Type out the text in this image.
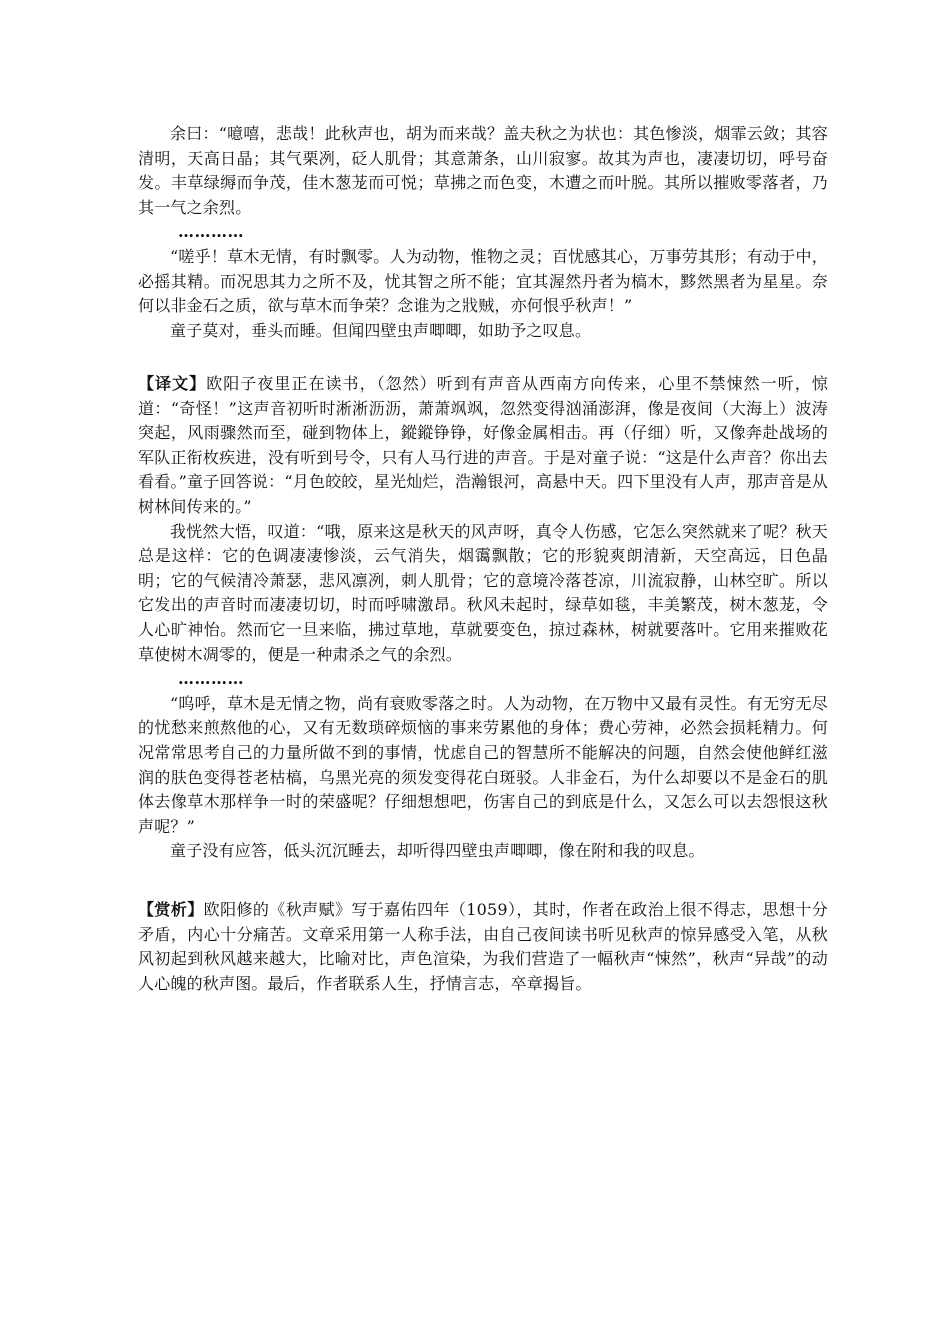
余曰：“噫嘻，悲哉！此秋声也，胡为而来哉？盖夫秋之为状也：其色惨淡，烟霏云敛；其容清明，天高日晶；其气栗冽，砭人肌骨；其意萧条，山川寂寥。故其为声也，凄凄切切，呼号奋发。丰草绿缛而争茂，佳木葱茏而可悦；草拂之而色变，木遭之而叶脱。其所以摧败零落者，乃其一气之余烈。

…………

“嗟乎！草木无情，有时飘零。人为动物，惟物之灵；百忧感其心，万事劳其形；有动于中，必摇其精。而况思其力之所不及，忧其智之所不能；宜其渥然丹者为槁木，黟然黑者为星星。奈何以非金石之质，欲与草木而争荣？念谁为之戕贼，亦何恨乎秋声！”

童子莫对，垂头而睡。但闻四壁虫声唧唧，如助予之叹息。

【译文】欧阳子夜里正在读书，（忽然）听到有声音从西南方向传来，心里不禁悚然一听，惊道：“奇怪！”这声音初听时淅淅沥沥，萧萧飒飒，忽然变得汹涌澎湃，像是夜间（大海上）波涛突起，风雨骤然而至，碰到物体上，鏦鏦铮铮，好像金属相击。再（仔细）听，又像奔赴战场的军队正衔枚疾进，没有听到号令，只有人马行进的声音。于是对童子说：“这是什么声音？你出去看看。”童子回答说：“月色皎皎，星光灿烂，浩瀚银河，高悬中天。四下里没有人声，那声音是从树林间传来的。”

我恍然大悟，叹道：“哦，原来这是秋天的风声呀，真令人伤感，它怎么突然就来了呢？秋天总是这样：它的色调凄凄惨淡，云气消失，烟霭飘散；它的形貌爽朗清新，天空高远，日色晶明；它的气候清冷萧瑟，悲风凛冽，刺人肌骨；它的意境冷落苍凉，川流寂静，山林空旷。所以它发出的声音时而凄凄切切，时而呼啸激昂。秋风未起时，绿草如毯，丰美繁茂，树木葱茏，令人心旷神怡。然而它一旦来临，拂过草地，草就要变色，掠过森林，树就要落叶。它用来摧败花草使树木凋零的，便是一种肃杀之气的余烈。

…………

“呜呼，草木是无情之物，尚有衰败零落之时。人为动物，在万物中又最有灵性。有无穷无尽的忧愁来煎熬他的心，又有无数琐碎烦恼的事来劳累他的身体；费心劳神，必然会损耗精力。何况常常思考自己的力量所做不到的事情，忧虑自己的智慧所不能解决的问题，自然会使他鲜红滋润的肤色变得苍老枯槁，乌黑光亮的须发变得花白斑驳。人非金石，为什么却要以不是金石的肌体去像草木那样争一时的荣盛呢？仔细想想吧，伤害自己的到底是什么，又怎么可以去怨恨这秋声呢？”

童子没有应答，低头沉沉睡去，却听得四壁虫声唧唧，像在附和我的叹息。

【赏析】欧阳修的《秋声赋》写于嘉佑四年（1059），其时，作者在政治上很不得志，思想十分矛盾，内心十分痛苦。文章采用第一人称手法，由自己夜间读书听见秋声的惊异感受入笔，从秋风初起到秋风越来越大，比喻对比，声色渲染，为我们营造了一幅秋声“悚然”，秋声“异哉”的动人心魄的秋声图。最后，作者联系人生，抒情言志，卒章揭旨。
